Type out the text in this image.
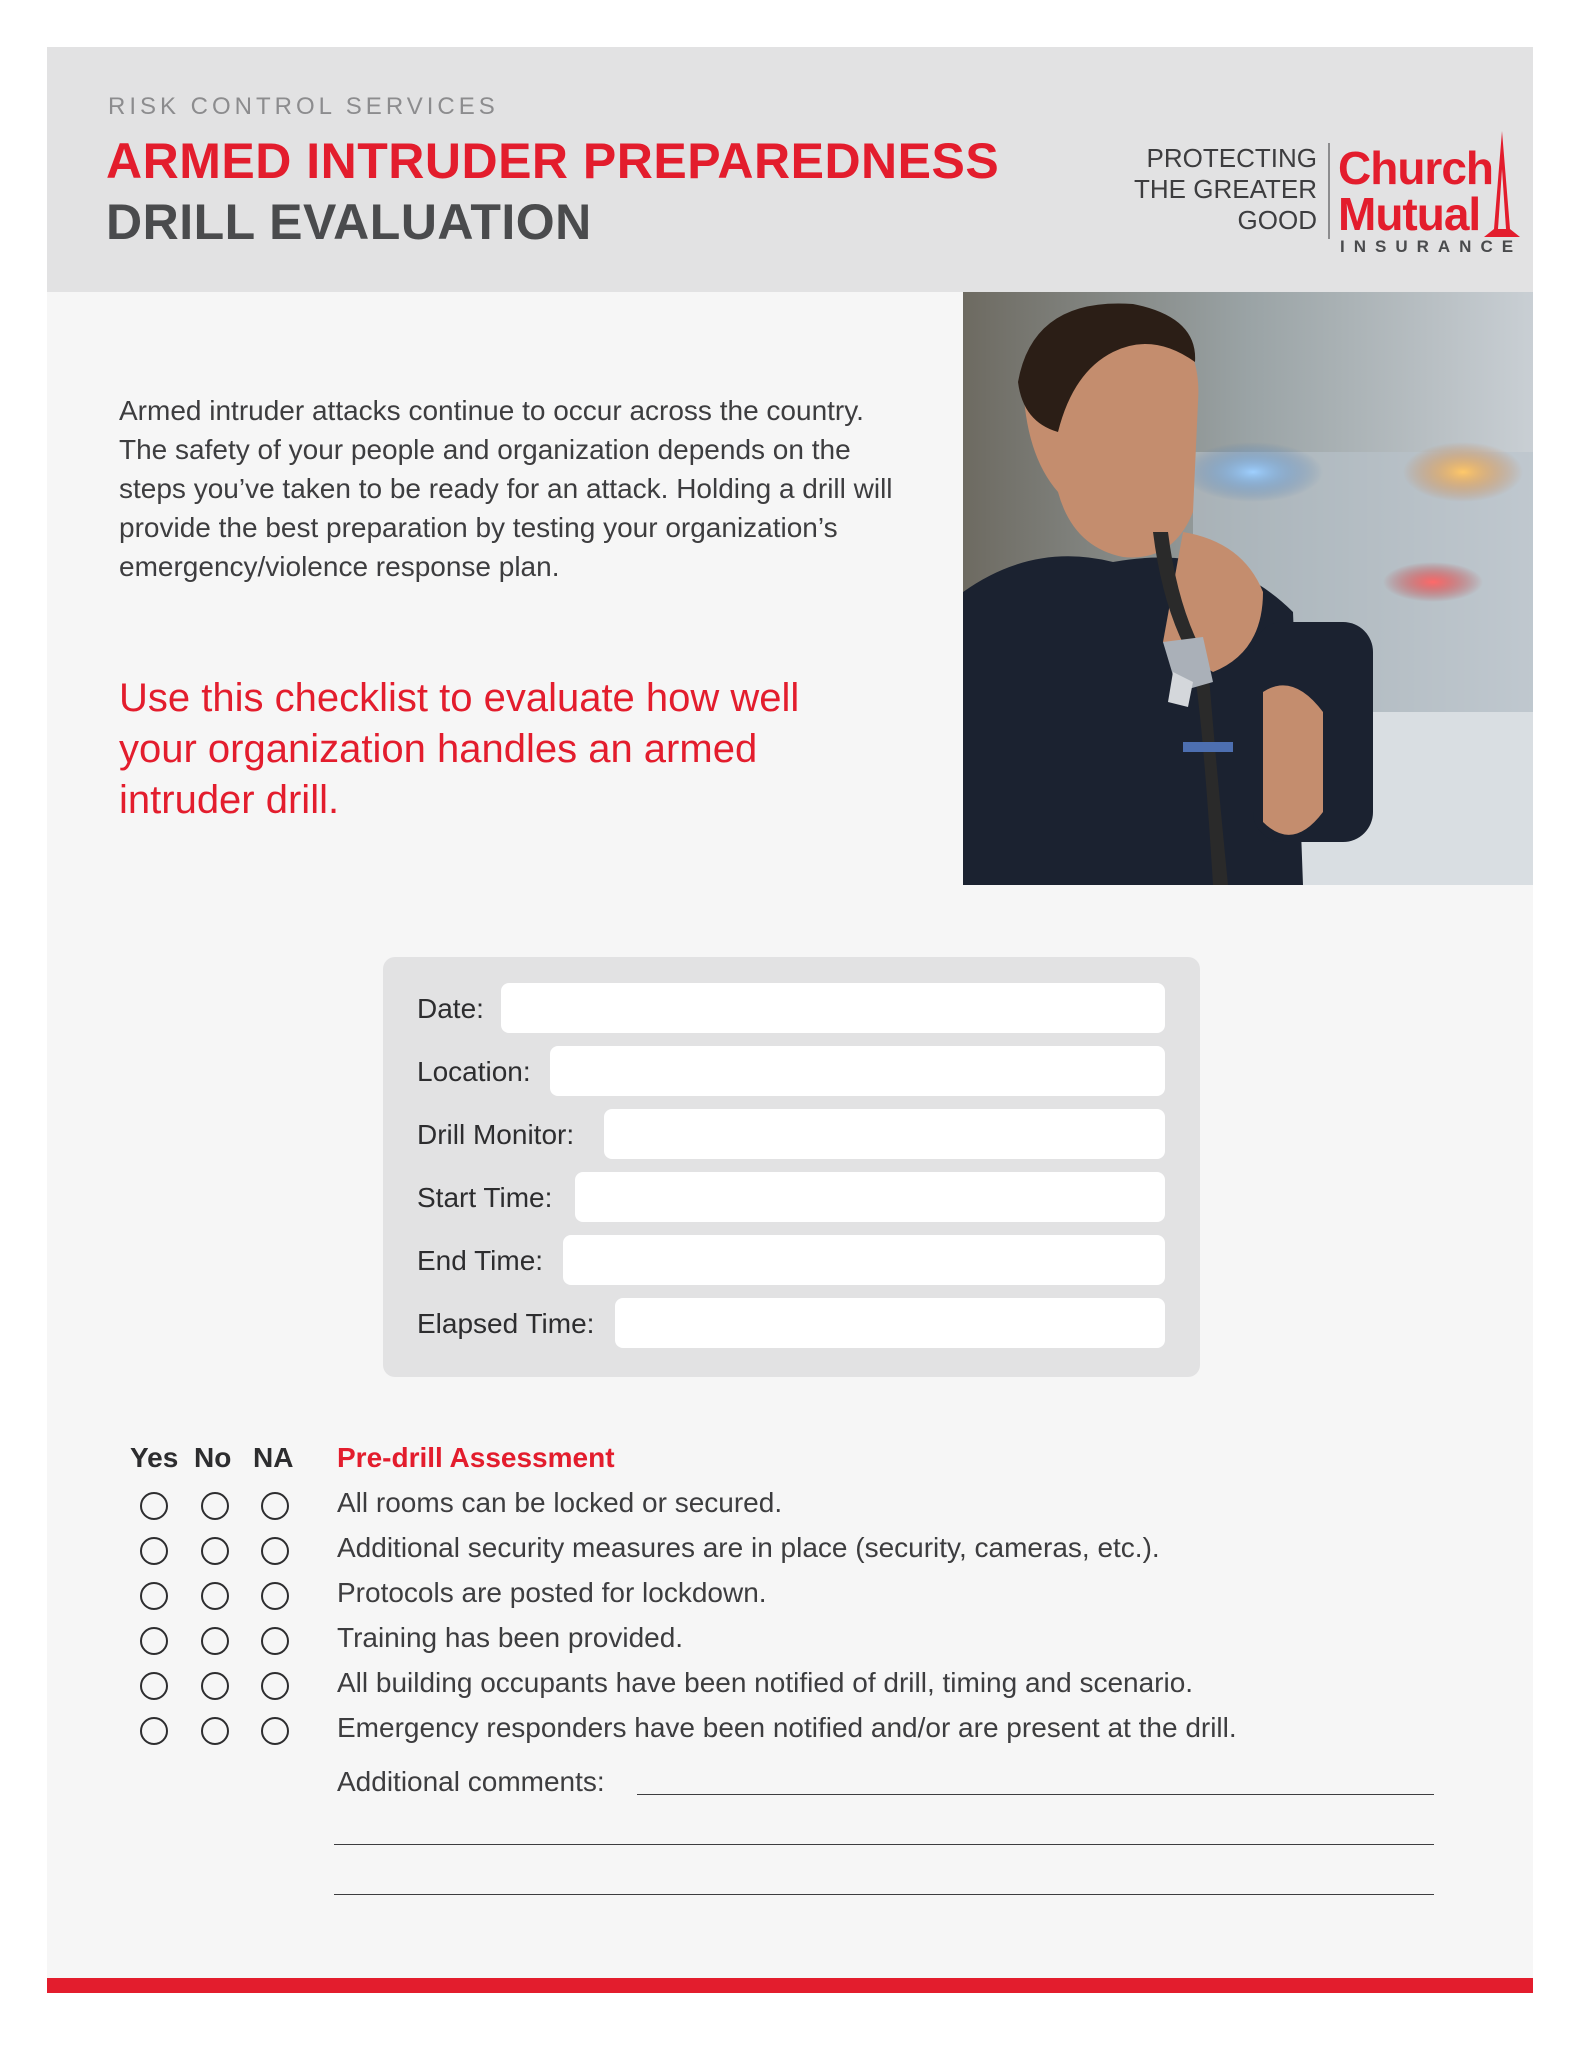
RISK CONTROL SERVICES
ARMED INTRUDER PREPAREDNESS
DRILL EVALUATION
PROTECTING
THE GREATER
GOOD
Church
Mutual
INSURANCE
Armed intruder attacks continue to occur across the country. The safety of your people and organization depends on the steps you’ve taken to be ready for an attack. Holding a drill will provide the best preparation by testing your organization’s emergency/violence response plan.
Use this checklist to evaluate how well your organization handles an armed intruder drill.
Date:
Location:
Drill Monitor:
Start Time:
End Time:
Elapsed Time:
Yes No NA Pre-drill Assessment
All rooms can be locked or secured.
Additional security measures are in place (security, cameras, etc.).
Protocols are posted for lockdown.
Training has been provided.
All building occupants have been notified of drill, timing and scenario.
Emergency responders have been notified and/or are present at the drill.
Additional comments:
